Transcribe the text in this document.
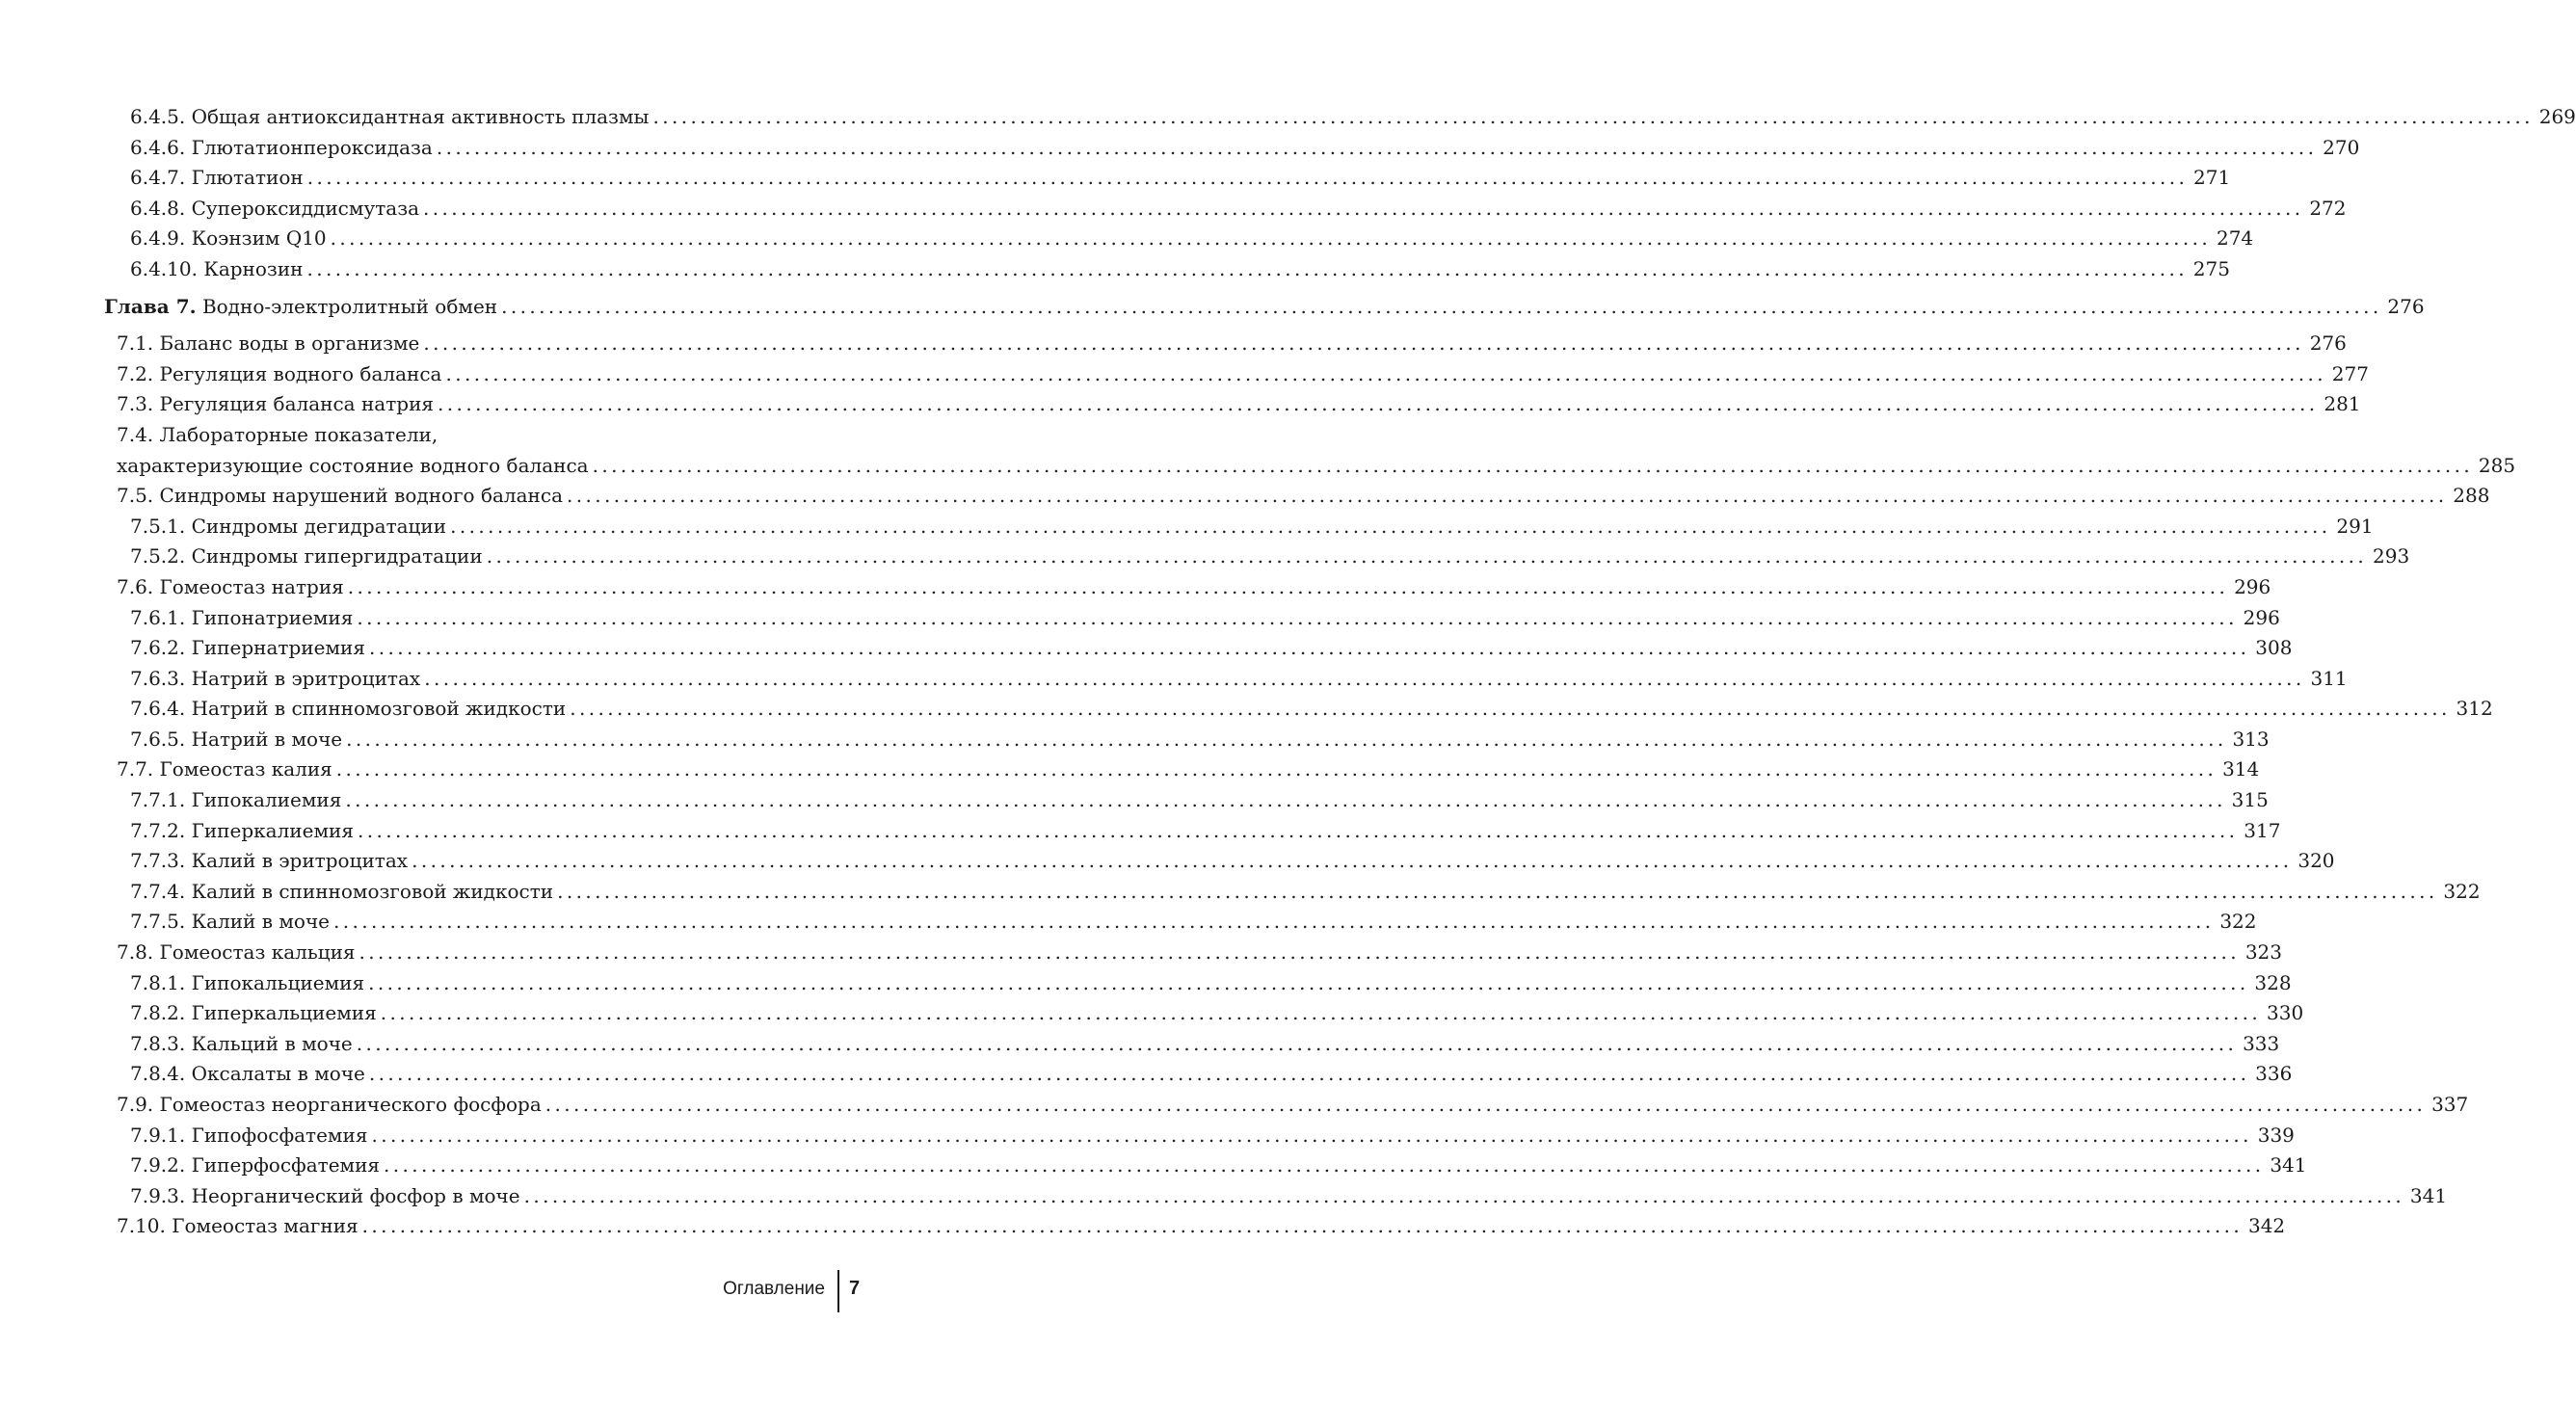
6.4.5. Общая антиоксидантная активность плазмы ........................................................................................................................................................................................................ 269
6.4.6. Глютатионпероксидаза ........................................................................................................................................................................................................ 270
6.4.7. Глютатион ........................................................................................................................................................................................................ 271
6.4.8. Супероксиддисмутаза ........................................................................................................................................................................................................ 272
6.4.9. Коэнзим Q10 ........................................................................................................................................................................................................ 274
6.4.10. Карнозин ........................................................................................................................................................................................................ 275
Глава 7. Водно-электролитный обмен ........................................................................................................................................................................................................ 276
7.1. Баланс воды в организме ........................................................................................................................................................................................................ 276
7.2. Регуляция водного баланса ........................................................................................................................................................................................................ 277
7.3. Регуляция баланса натрия ........................................................................................................................................................................................................ 281
7.4. Лабораторные показатели,
характеризующие состояние водного баланса ........................................................................................................................................................................................................ 285
7.5. Синдромы нарушений водного баланса ........................................................................................................................................................................................................ 288
7.5.1. Синдромы дегидратации ........................................................................................................................................................................................................ 291
7.5.2. Синдромы гипергидратации ........................................................................................................................................................................................................ 293
7.6. Гомеостаз натрия ........................................................................................................................................................................................................ 296
7.6.1. Гипонатриемия ........................................................................................................................................................................................................ 296
7.6.2. Гипернатриемия ........................................................................................................................................................................................................ 308
7.6.3. Натрий в эритроцитах ........................................................................................................................................................................................................ 311
7.6.4. Натрий в спинномозговой жидкости ........................................................................................................................................................................................................ 312
7.6.5. Натрий в моче ........................................................................................................................................................................................................ 313
7.7. Гомеостаз калия ........................................................................................................................................................................................................ 314
7.7.1. Гипокалиемия ........................................................................................................................................................................................................ 315
7.7.2. Гиперкалиемия ........................................................................................................................................................................................................ 317
7.7.3. Калий в эритроцитах ........................................................................................................................................................................................................ 320
7.7.4. Калий в спинномозговой жидкости ........................................................................................................................................................................................................ 322
7.7.5. Калий в моче ........................................................................................................................................................................................................ 322
7.8. Гомеостаз кальция ........................................................................................................................................................................................................ 323
7.8.1. Гипокальциемия ........................................................................................................................................................................................................ 328
7.8.2. Гиперкальциемия ........................................................................................................................................................................................................ 330
7.8.3. Кальций в моче ........................................................................................................................................................................................................ 333
7.8.4. Оксалаты в моче ........................................................................................................................................................................................................ 336
7.9. Гомеостаз неорганического фосфора ........................................................................................................................................................................................................ 337
7.9.1. Гипофосфатемия ........................................................................................................................................................................................................ 339
7.9.2. Гиперфосфатемия ........................................................................................................................................................................................................ 341
7.9.3. Неорганический фосфор в моче ........................................................................................................................................................................................................ 341
7.10. Гомеостаз магния ........................................................................................................................................................................................................ 342
Оглавление 7
